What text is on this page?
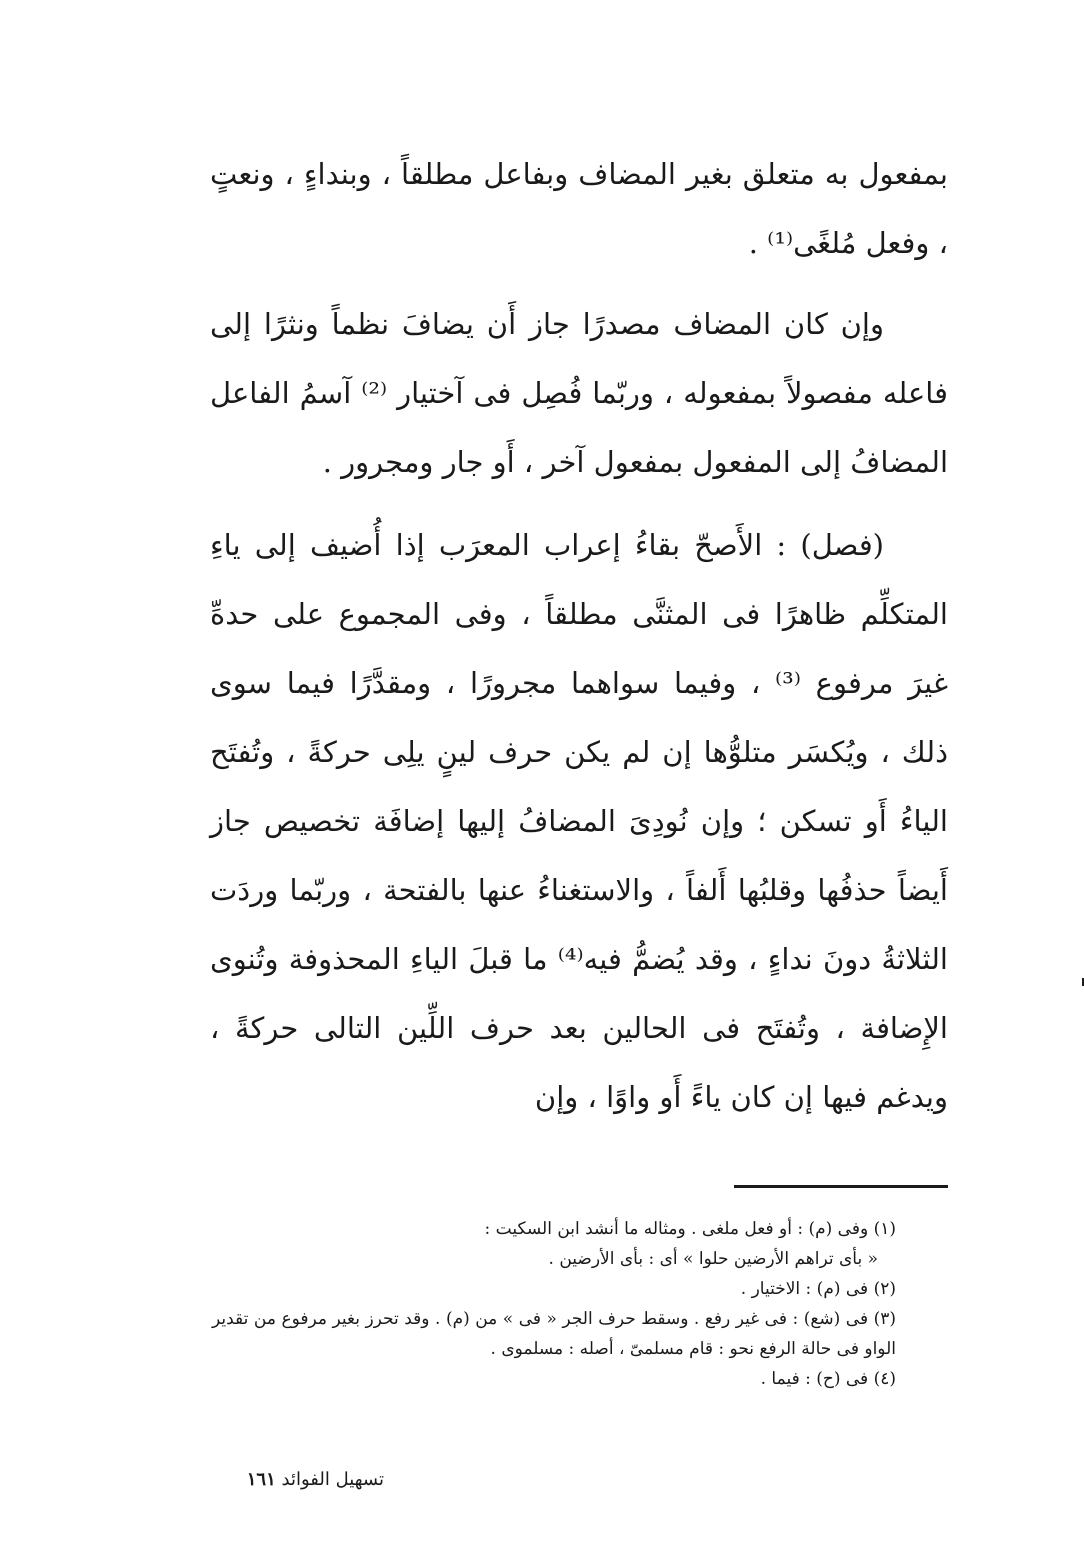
بمفعول به متعلق بغير المضاف وبفاعل مطلقاً ، وبنداءٍ ، ونعتٍ ، وفعل مُلغًى⁽¹⁾ .

وإن كان المضاف مصدرًا جاز أَن يضافَ نظماً ونثرًا إلى فاعله مفصولاً بمفعوله ، وربّما فُصِل فى آختيار ⁽²⁾ آسمُ الفاعل المضافُ إلى المفعول بمفعول آخر ، أَو جار ومجرور .

(فصل) : الأَصحّ بقاءُ إعراب المعرَب إذا أُضيف إلى ياءِ المتكلِّم ظاهرًا فى المثنَّى مطلقاً ، وفى المجموع على حدهِّ غيرَ مرفوع ⁽³⁾ ، وفيما سواهما مجرورًا ، ومقدَّرًا فيما سوى ذلك ، ويُكسَر متلوُّها إن لم يكن حرف لينٍ يلِى حركةً ، وتُفتَح الياءُ أَو تسكن ؛ وإن نُودِىَ المضافُ إليها إضافَة تخصيص جاز أَيضاً حذفُها وقلبُها أَلفاً ، والاستغناءُ عنها بالفتحة ، وربّما وردَت الثلاثةُ دونَ نداءٍ ، وقد يُضمُّ فيه⁽⁴⁾ ما قبلَ الياءِ المحذوفة وتُنوى الإِضافة ، وتُفتَح فى الحالين بعد حرف اللِّين التالى حركةً ، ويدغم فيها إن كان ياءً أَو واوًا ، وإن

(١) وفى (م) : أو فعل ملغى . ومثاله ما أنشد ابن السكيت :

« بأى تراهم الأرضين حلوا » أى : بأى الأرضين .

(٢) فى (م) : الاختيار .

(٣) فى (شع) : فى غير رفع . وسقط حرف الجر « فى » من (م) . وقد تحرز بغير مرفوع من تقدير الواو فى حالة الرفع نحو : قام مسلمىّ ، أصله : مسلموى .

(٤) فى (ح) : فيما .

تسهيل الفوائد ١٦١
